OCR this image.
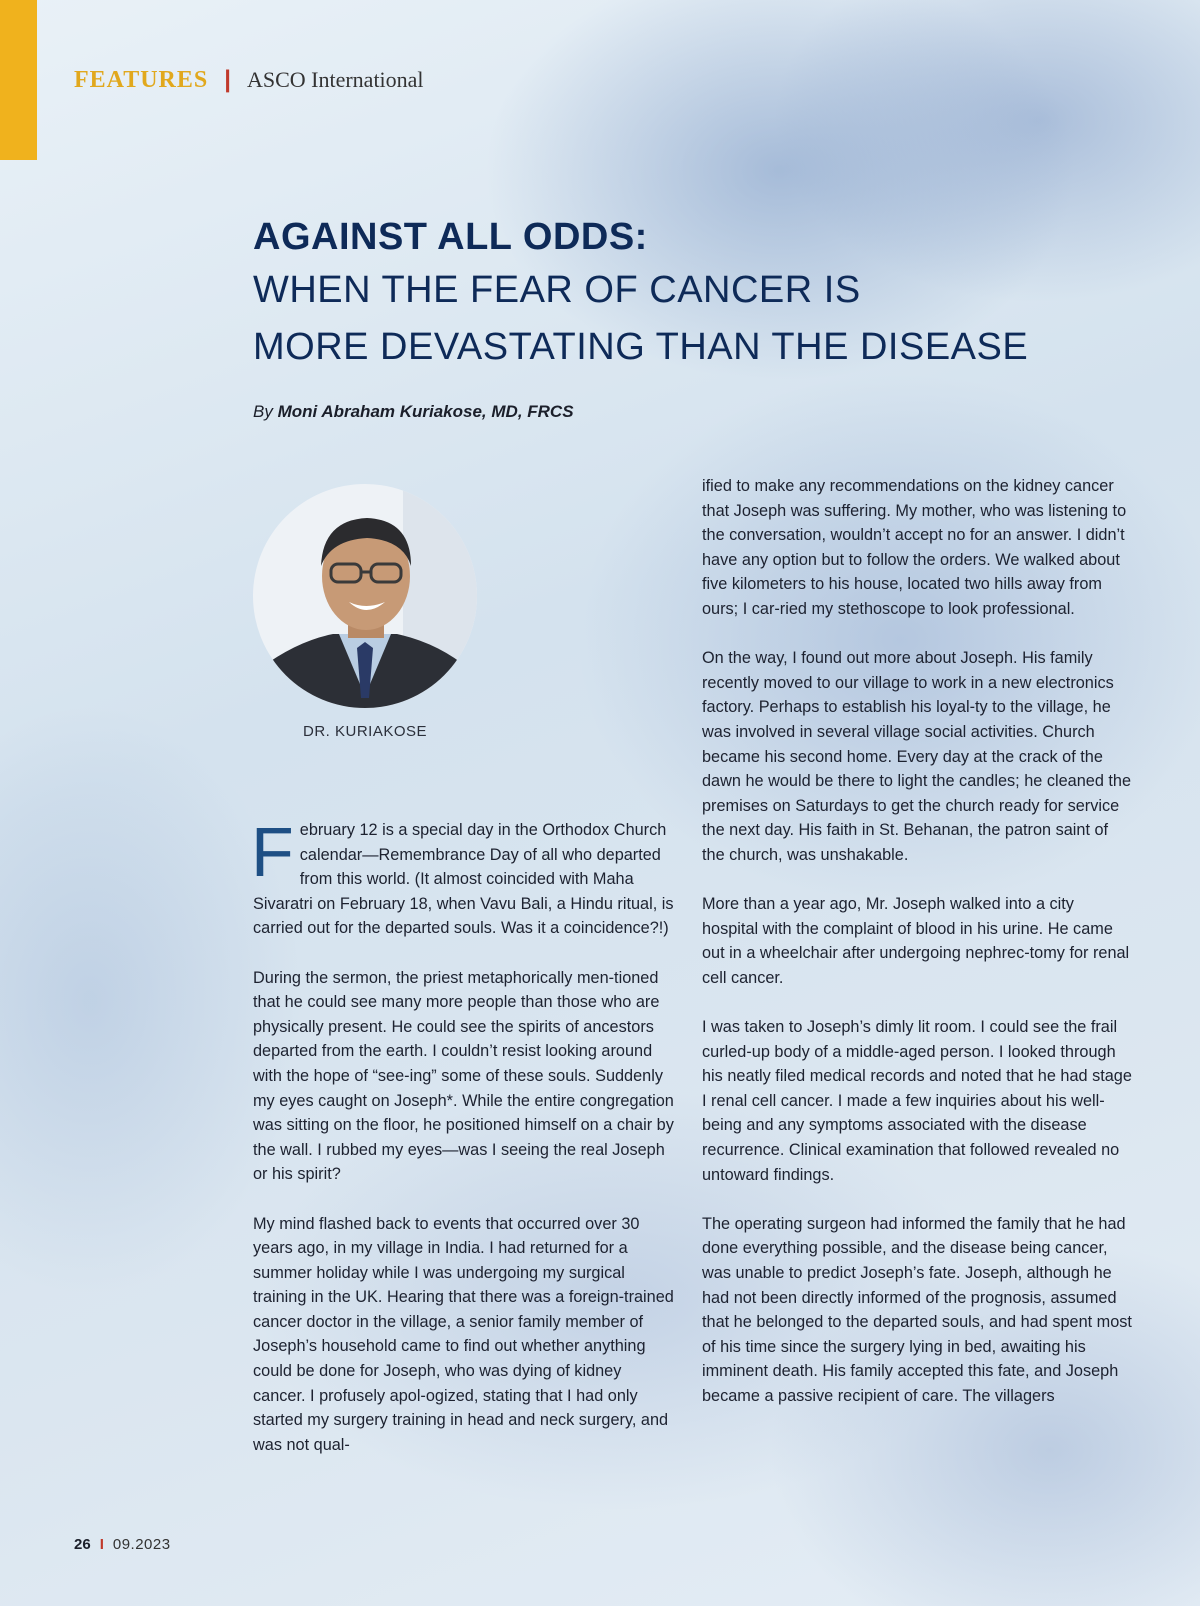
FEATURES | ASCO International
AGAINST ALL ODDS:
WHEN THE FEAR OF CANCER IS
MORE DEVASTATING THAN THE DISEASE
By Moni Abraham Kuriakose, MD, FRCS
DR. KURIAKOSE

February 12 is a special day in the Orthodox Church calendar—Remembrance Day of all who departed from this world. (It almost coincided with Maha Sivaratri on February 18, when Vavu Bali, a Hindu ritual, is carried out for the departed souls. Was it a coincidence?!)

During the sermon, the priest metaphorically men-tioned that he could see many more people than those who are physically present. He could see the spirits of ancestors departed from the earth. I couldn’t resist looking around with the hope of “see-ing” some of these souls. Suddenly my eyes caught on Joseph*. While the entire congregation was sitting on the floor, he positioned himself on a chair by the wall. I rubbed my eyes—was I seeing the real Joseph or his spirit?

My mind flashed back to events that occurred over 30 years ago, in my village in India. I had returned for a summer holiday while I was undergoing my surgical training in the UK. Hearing that there was a foreign-trained cancer doctor in the village, a senior family member of Joseph’s household came to find out whether anything could be done for Joseph, who was dying of kidney cancer. I profusely apol-ogized, stating that I had only started my surgery training in head and neck surgery, and was not qual-

ified to make any recommendations on the kidney cancer that Joseph was suffering. My mother, who was listening to the conversation, wouldn’t accept no for an answer. I didn’t have any option but to follow the orders. We walked about five kilometers to his house, located two hills away from ours; I car-ried my stethoscope to look professional.

On the way, I found out more about Joseph. His family recently moved to our village to work in a new electronics factory. Perhaps to establish his loyal-ty to the village, he was involved in several village social activities. Church became his second home. Every day at the crack of the dawn he would be there to light the candles; he cleaned the premises on Saturdays to get the church ready for service the next day. His faith in St. Behanan, the patron saint of the church, was unshakable.

More than a year ago, Mr. Joseph walked into a city hospital with the complaint of blood in his urine. He came out in a wheelchair after undergoing nephrec-tomy for renal cell cancer.

I was taken to Joseph’s dimly lit room. I could see the frail curled-up body of a middle-aged person. I looked through his neatly filed medical records and noted that he had stage I renal cell cancer. I made a few inquiries about his well-being and any symptoms associated with the disease recurrence. Clinical examination that followed revealed no untoward findings.

The operating surgeon had informed the family that he had done everything possible, and the disease being cancer, was unable to predict Joseph’s fate. Joseph, although he had not been directly informed of the prognosis, assumed that he belonged to the departed souls, and had spent most of his time since the surgery lying in bed, awaiting his imminent death. His family accepted this fate, and Joseph became a passive recipient of care. The villagers

26 I 09.2023
